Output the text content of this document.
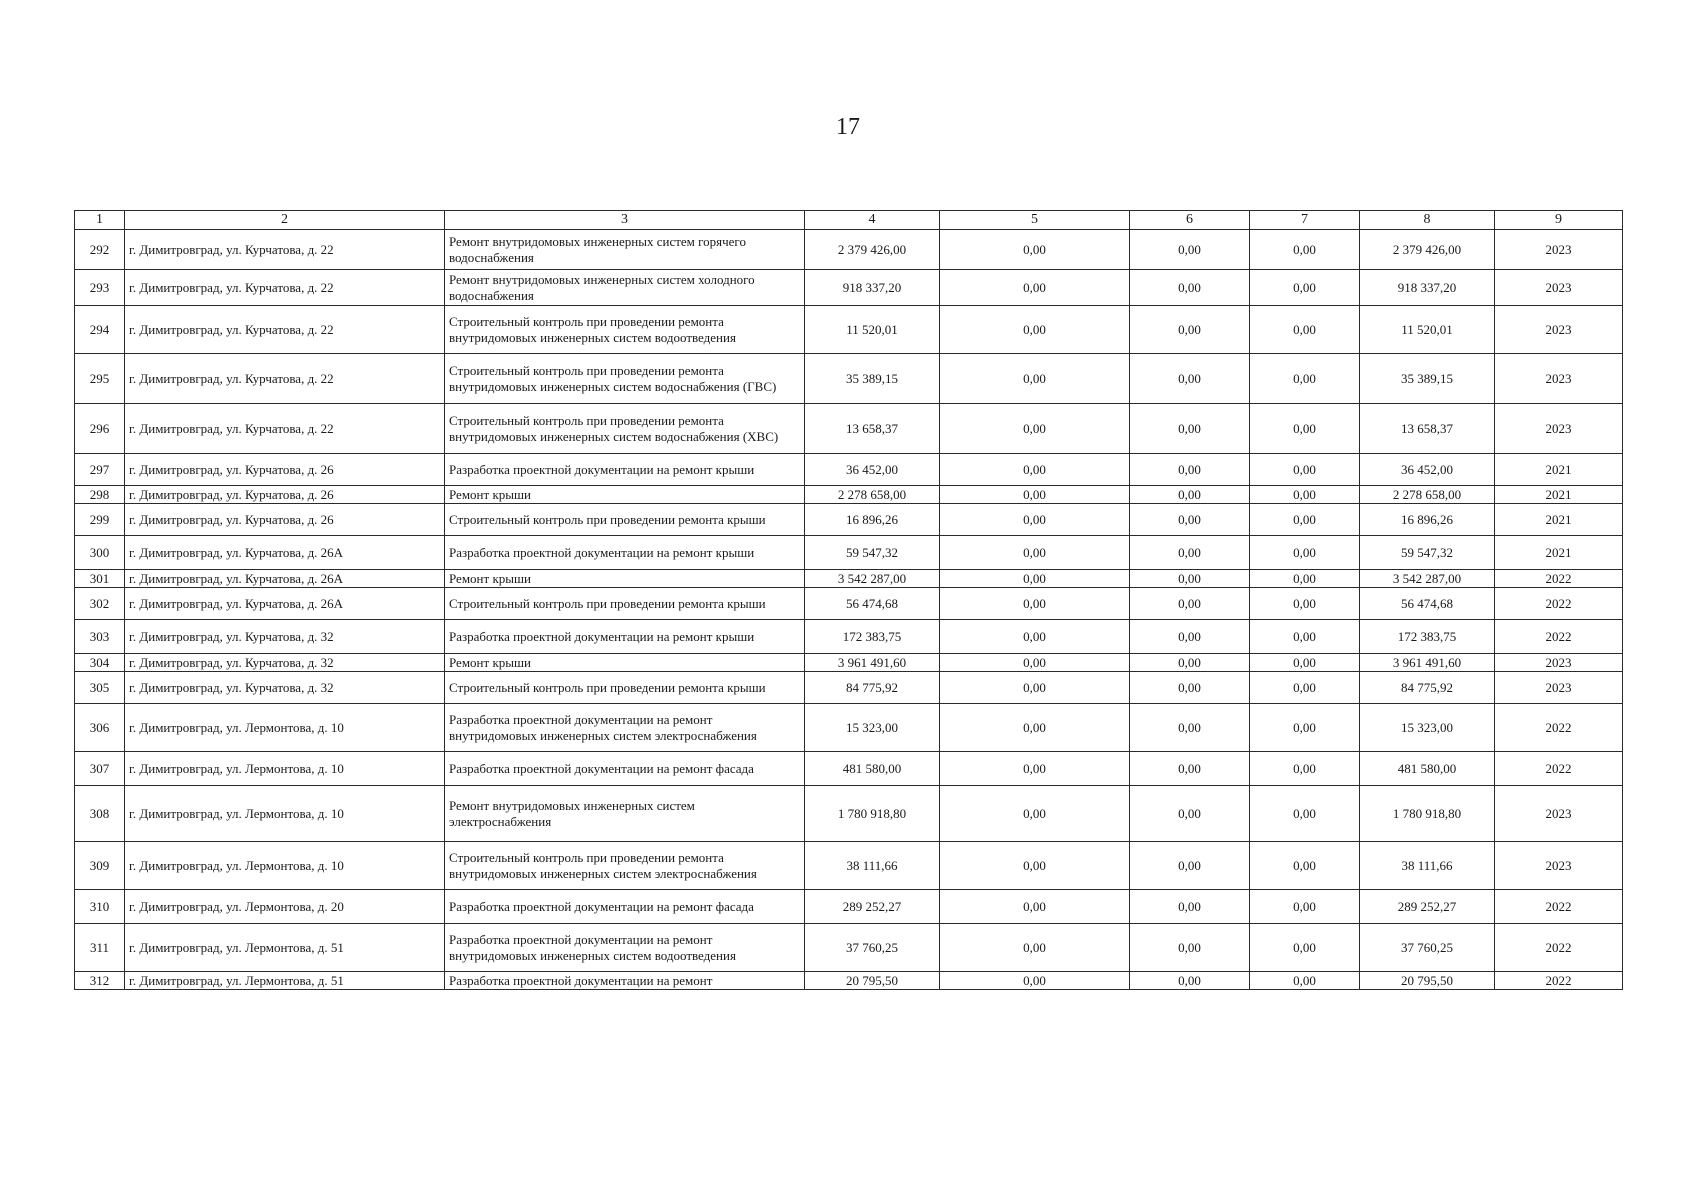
17
1	2	3	4	5	6	7	8	9
292	г. Димитровград, ул. Курчатова, д. 22	Ремонт внутридомовых инженерных систем горячего водоснабжения	2 379 426,00	0,00	0,00	0,00	2 379 426,00	2023
293	г. Димитровград, ул. Курчатова, д. 22	Ремонт внутридомовых инженерных систем холодного водоснабжения	918 337,20	0,00	0,00	0,00	918 337,20	2023
294	г. Димитровград, ул. Курчатова, д. 22	Строительный контроль при проведении ремонта внутридомовых инженерных систем водоотведения	11 520,01	0,00	0,00	0,00	11 520,01	2023
295	г. Димитровград, ул. Курчатова, д. 22	Строительный контроль при проведении ремонта внутридомовых инженерных систем водоснабжения (ГВС)	35 389,15	0,00	0,00	0,00	35 389,15	2023
296	г. Димитровград, ул. Курчатова, д. 22	Строительный контроль при проведении ремонта внутридомовых инженерных систем водоснабжения (ХВС)	13 658,37	0,00	0,00	0,00	13 658,37	2023
297	г. Димитровград, ул. Курчатова, д. 26	Разработка проектной документации на ремонт крыши	36 452,00	0,00	0,00	0,00	36 452,00	2021
298	г. Димитровград, ул. Курчатова, д. 26	Ремонт крыши	2 278 658,00	0,00	0,00	0,00	2 278 658,00	2021
299	г. Димитровград, ул. Курчатова, д. 26	Строительный контроль при проведении ремонта крыши	16 896,26	0,00	0,00	0,00	16 896,26	2021
300	г. Димитровград, ул. Курчатова, д. 26А	Разработка проектной документации на ремонт крыши	59 547,32	0,00	0,00	0,00	59 547,32	2021
301	г. Димитровград, ул. Курчатова, д. 26А	Ремонт крыши	3 542 287,00	0,00	0,00	0,00	3 542 287,00	2022
302	г. Димитровград, ул. Курчатова, д. 26А	Строительный контроль при проведении ремонта крыши	56 474,68	0,00	0,00	0,00	56 474,68	2022
303	г. Димитровград, ул. Курчатова, д. 32	Разработка проектной документации на ремонт крыши	172 383,75	0,00	0,00	0,00	172 383,75	2022
304	г. Димитровград, ул. Курчатова, д. 32	Ремонт крыши	3 961 491,60	0,00	0,00	0,00	3 961 491,60	2023
305	г. Димитровград, ул. Курчатова, д. 32	Строительный контроль при проведении ремонта крыши	84 775,92	0,00	0,00	0,00	84 775,92	2023
306	г. Димитровград, ул. Лермонтова, д. 10	Разработка проектной документации на ремонт внутридомовых инженерных систем электроснабжения	15 323,00	0,00	0,00	0,00	15 323,00	2022
307	г. Димитровград, ул. Лермонтова, д. 10	Разработка проектной документации на ремонт фасада	481 580,00	0,00	0,00	0,00	481 580,00	2022
308	г. Димитровград, ул. Лермонтова, д. 10	Ремонт внутридомовых инженерных систем электроснабжения	1 780 918,80	0,00	0,00	0,00	1 780 918,80	2023
309	г. Димитровград, ул. Лермонтова, д. 10	Строительный контроль при проведении ремонта внутридомовых инженерных систем электроснабжения	38 111,66	0,00	0,00	0,00	38 111,66	2023
310	г. Димитровград, ул. Лермонтова, д. 20	Разработка проектной документации на ремонт фасада	289 252,27	0,00	0,00	0,00	289 252,27	2022
311	г. Димитровград, ул. Лермонтова, д. 51	Разработка проектной документации на ремонт внутридомовых инженерных систем водоотведения	37 760,25	0,00	0,00	0,00	37 760,25	2022
312	г. Димитровград, ул. Лермонтова, д. 51	Разработка проектной документации на ремонт	20 795,50	0,00	0,00	0,00	20 795,50	2022
